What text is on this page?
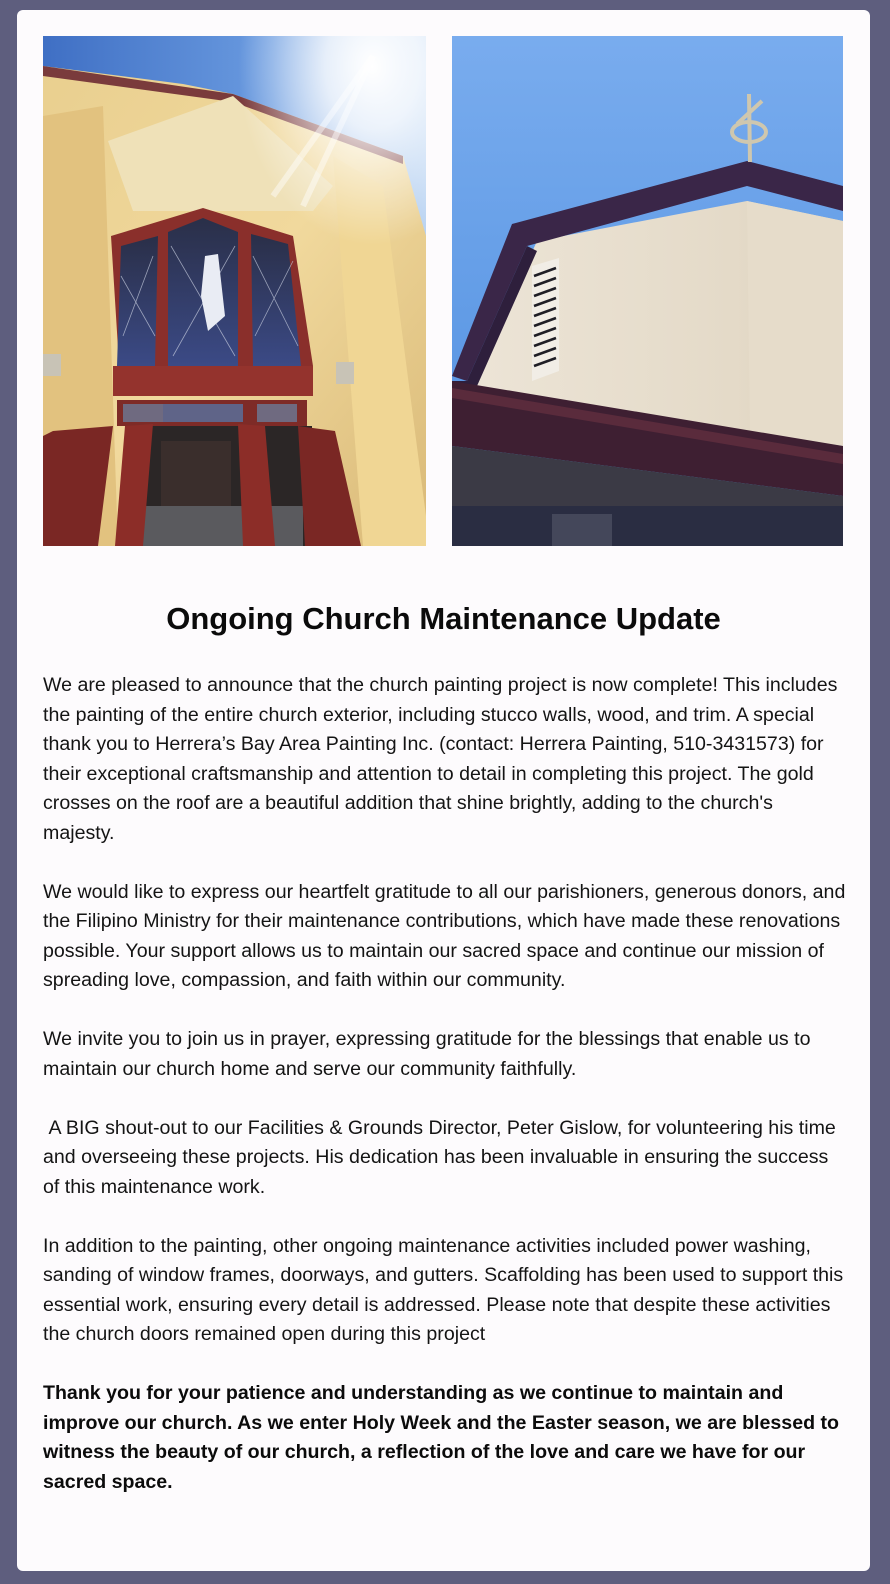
Ongoing Church Maintenance Update

We are pleased to announce that the church painting project is now complete! This includes the painting of the entire church exterior, including stucco walls, wood, and trim. A special thank you to Herrera’s Bay Area Painting Inc. (contact: Herrera Painting, 510-3431573) for their exceptional craftsmanship and attention to detail in completing this project. The gold crosses on the roof are a beautiful addition that shine brightly, adding to the church's majesty.

We would like to express our heartfelt gratitude to all our parishioners, generous donors, and the Filipino Ministry for their maintenance contributions, which have made these renovations possible. Your support allows us to maintain our sacred space and continue our mission of spreading love, compassion, and faith within our community.

We invite you to join us in prayer, expressing gratitude for the blessings that enable us to maintain our church home and serve our community faithfully.

A BIG shout-out to our Facilities & Grounds Director, Peter Gislow, for volunteering his time and overseeing these projects. His dedication has been invaluable in ensuring the success of this maintenance work.

In addition to the painting, other ongoing maintenance activities included power washing, sanding of window frames, doorways, and gutters. Scaffolding has been used to support this essential work, ensuring every detail is addressed. Please note that despite these activities the church doors remained open during this project

Thank you for your patience and understanding as we continue to maintain and improve our church. As we enter Holy Week and the Easter season, we are blessed to witness the beauty of our church, a reflection of the love and care we have for our sacred space.
